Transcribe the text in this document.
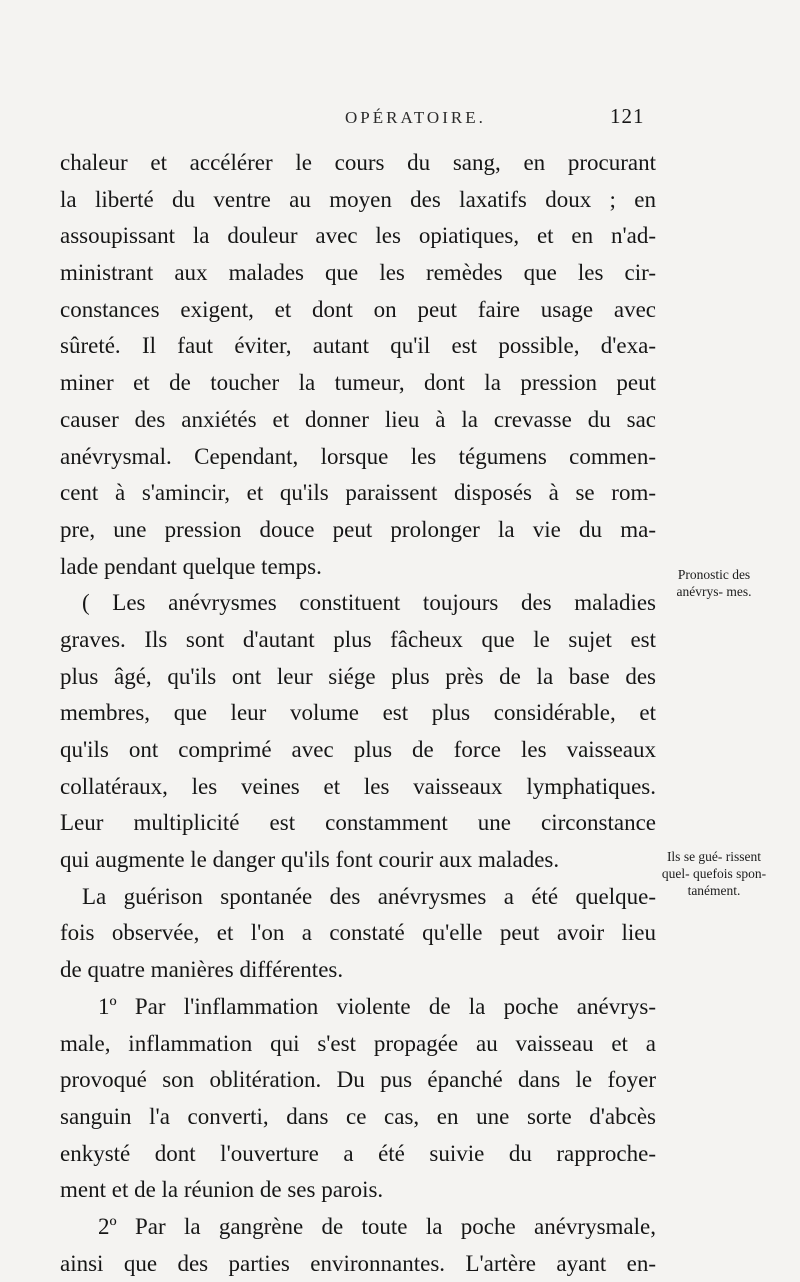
OPÉRATOIRE.	121
chaleur et accélérer le cours du sang, en procurant
la liberté du ventre au moyen des laxatifs doux ; en
assoupissant la douleur avec les opiatiques, et en n'ad-
ministrant aux malades que les remèdes que les cir-
constances exigent, et dont on peut faire usage avec
sûreté. Il faut éviter, autant qu'il est possible, d'exa-
miner et de toucher la tumeur, dont la pression peut
causer des anxiétés et donner lieu à la crevasse du sac
anévrysmal. Cependant, lorsque les tégumens commen-
cent à s'amincir, et qu'ils paraissent disposés à se rom-
pre, une pression douce peut prolonger la vie du ma-
lade pendant quelque temps.
( Les anévrysmes constituent toujours des maladies
graves. Ils sont d'autant plus fâcheux que le sujet est
plus âgé, qu'ils ont leur siége plus près de la base des
membres, que leur volume est plus considérable, et
qu'ils ont comprimé avec plus de force les vaisseaux
collatéraux, les veines et les vaisseaux lymphatiques.
Leur multiplicité est constamment une circonstance
qui augmente le danger qu'ils font courir aux malades.
La guérison spontanée des anévrysmes a été quelque-
fois observée, et l'on a constaté qu'elle peut avoir lieu
de quatre manières différentes.
1º Par l'inflammation violente de la poche anévrys-
male, inflammation qui s'est propagée au vaisseau et a
provoqué son oblitération. Du pus épanché dans le foyer
sanguin l'a converti, dans ce cas, en une sorte d'abcès
enkysté dont l'ouverture a été suivie du rapproche-
ment et de la réunion de ses parois.
2º Par la gangrène de toute la poche anévrysmale,
ainsi que des parties environnantes. L'artère ayant en-
Pronostic des anévrys- mes.
Ils se gué- rissent quel- quefois spon- tanément.
